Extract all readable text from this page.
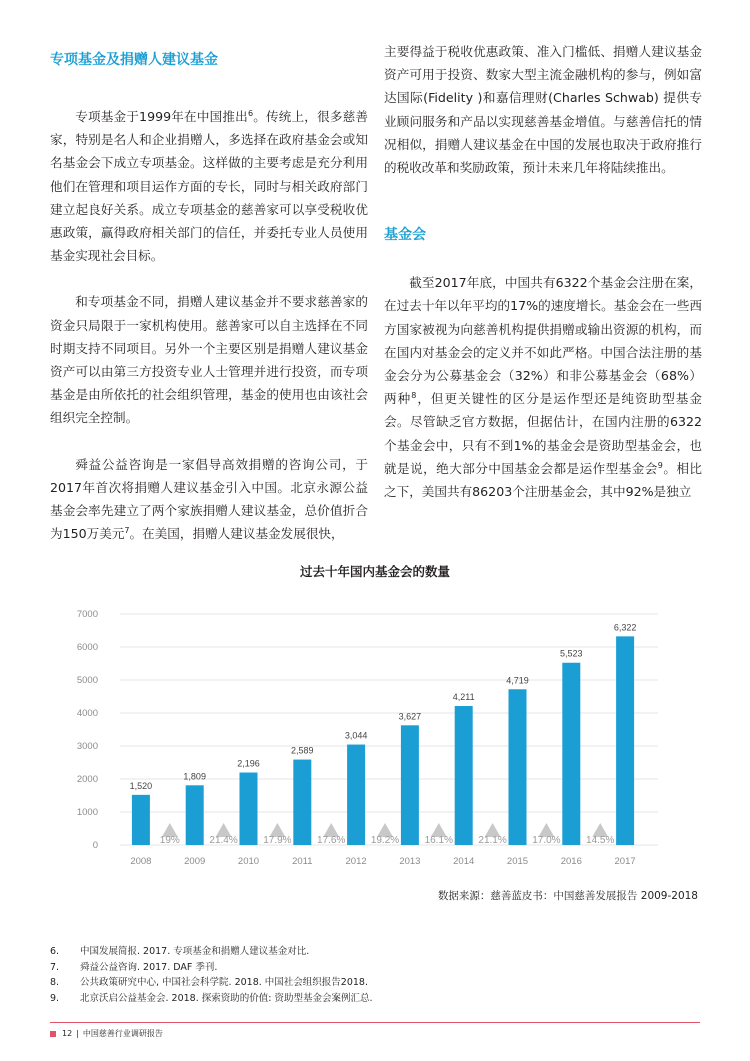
专项基金及捐赠人建议基金

专项基金于1999年在中国推出$^6$。传统上，很多慈善家，特别是名人和企业捐赠人，多选择在政府基金会或知名基金会下成立专项基金。这样做的主要考虑是充分利用他们在管理和项目运作方面的专长，同时与相关政府部门建立起良好关系。成立专项基金的慈善家可以享受税收优惠政策，赢得政府相关部门的信任，并委托专业人员使用基金实现社会目标。

和专项基金不同，捐赠人建议基金并不要求慈善家的资金只局限于一家机构使用。慈善家可以自主选择在不同时期支持不同项目。另外一个主要区别是捐赠人建议基金资产可以由第三方投资专业人士管理并进行投资，而专项基金是由所依托的社会组织管理，基金的使用也由该社会组织完全控制。

舜益公益咨询是一家倡导高效捐赠的咨询公司，于2017年首次将捐赠人建议基金引入中国。北京永源公益基金会率先建立了两个家族捐赠人建议基金，总价值折合为150万美元$^7$。在美国，捐赠人建议基金发展很快，

主要得益于税收优惠政策、准入门槛低、捐赠人建议基金资产可用于投资、数家大型主流金融机构的参与，例如富达国际(Fidelity )和嘉信理财(Charles Schwab) 提供专业顾问服务和产品以实现慈善基金增值。与慈善信托的情况相似，捐赠人建议基金在中国的发展也取决于政府推行的税收改革和奖励政策，预计未来几年将陆续推出。

基金会

截至2017年底，中国共有6322个基金会注册在案，在过去十年以年平均的17%的速度增长。基金会在一些西方国家被视为向慈善机构提供捐赠或输出资源的机构，而在国内对基金会的定义并不如此严格。中国合法注册的基金会分为公募基金会（32%）和非公募基金会（68%）两种$^8$，但更关键性的区分是运作型还是纯资助型基金会。尽管缺乏官方数据，但据估计，在国内注册的6322个基金会中，只有不到1%的基金会是资助型基金会，也就是说，绝大部分中国基金会都是运作型基金会$^9$。相比之下，美国共有86203个注册基金会，其中92%是独立

过去十年国内基金会的数量
0
1000
2000
3000
4000
5000
6000
7000
1,520
2008
1,809
2009
2,196
2010
2,589
2011
3,044
2012
3,627
2013
4,211
2014
4,719
2015
5,523
2016
6,322
2017
19%	21.4%	17.9%	17.6%	19.2%	16.1%	21.1%	17.0%	14.5%
数据来源：慈善蓝皮书：中国慈善发展报告 2009-2018
6.	中国发展简报. 2017. 专项基金和捐赠人建议基金对比.
7.	舜益公益咨询. 2017. DAF 季刊.
8.	公共政策研究中心, 中国社会科学院. 2018. 中国社会组织报告2018.
9.	北京沃启公益基金会. 2018. 探索资助的价值: 资助型基金会案例汇总.
12 | 中国慈善行业调研报告
